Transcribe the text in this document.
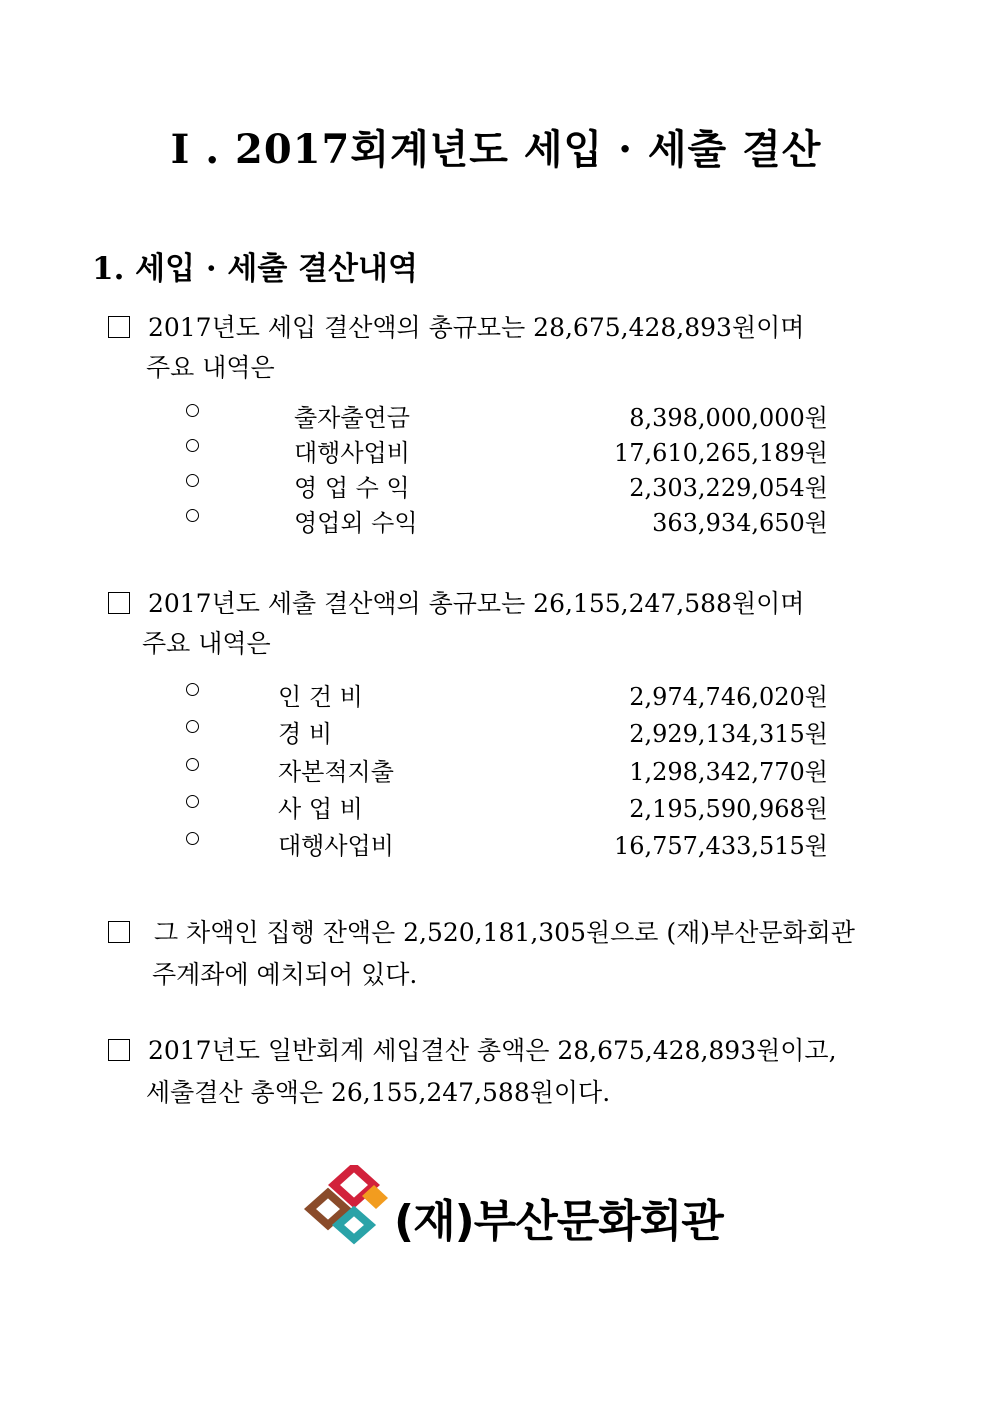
Ⅰ . 2017회계년도 세입 · 세출 결산
1. 세입 · 세출 결산내역
2017년도 세입 결산액의 총규모는 28,675,428,893원이며
주요 내역은
출자출연금	8,398,000,000원
대행사업비	17,610,265,189원
영 업 수 익	2,303,229,054원
영업외 수익	363,934,650원
2017년도 세출 결산액의 총규모는 26,155,247,588원이며
주요 내역은
인 건 비	2,974,746,020원
경 비	2,929,134,315원
자본적지출	1,298,342,770원
사 업 비	2,195,590,968원
대행사업비	16,757,433,515원
그 차액인 집행 잔액은 2,520,181,305원으로 (재)부산문화회관
주계좌에 예치되어 있다.
2017년도 일반회계 세입결산 총액은 28,675,428,893원이고,
세출결산 총액은 26,155,247,588원이다.
(재)부산문화회관
